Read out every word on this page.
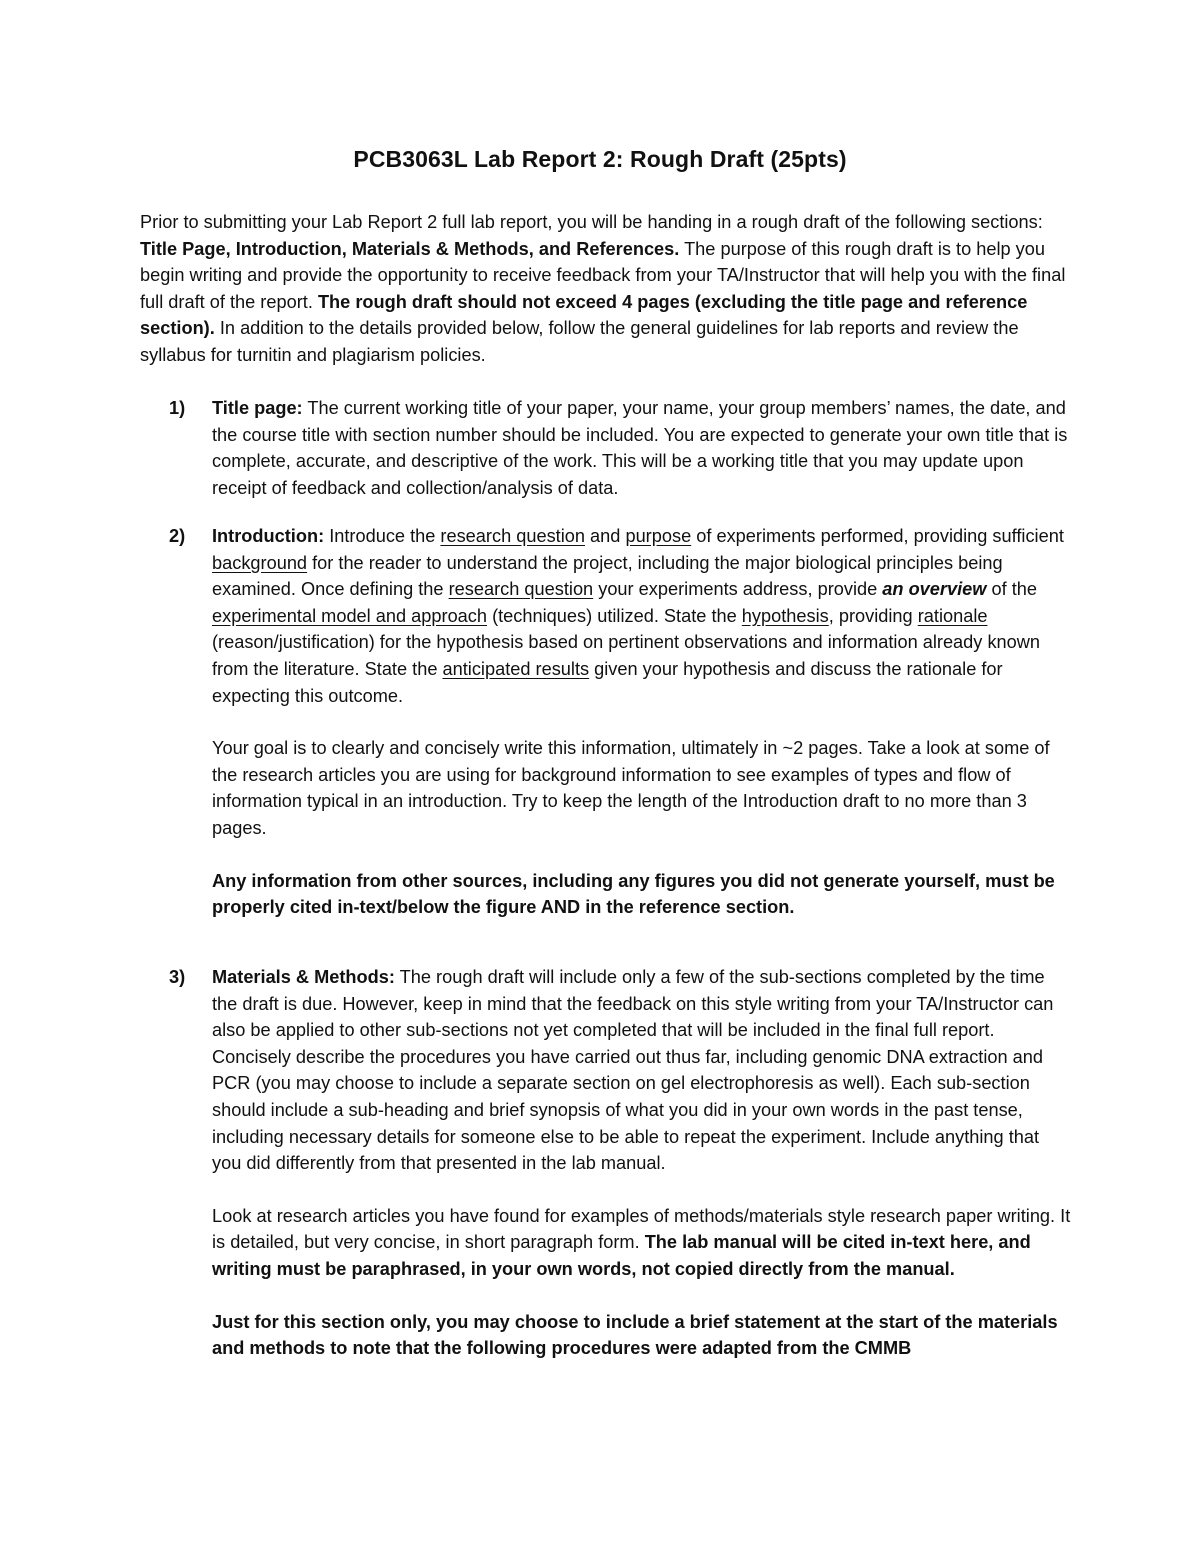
PCB3063L Lab Report 2: Rough Draft (25pts)

Prior to submitting your Lab Report 2 full lab report, you will be handing in a rough draft of the following sections: Title Page, Introduction, Materials & Methods, and References. The purpose of this rough draft is to help you begin writing and provide the opportunity to receive feedback from your TA/Instructor that will help you with the final full draft of the report. The rough draft should not exceed 4 pages (excluding the title page and reference section). In addition to the details provided below, follow the general guidelines for lab reports and review the syllabus for turnitin and plagiarism policies.

1) Title page: The current working title of your paper, your name, your group members’ names, the date, and the course title with section number should be included. You are expected to generate your own title that is complete, accurate, and descriptive of the work. This will be a working title that you may update upon receipt of feedback and collection/analysis of data.

2) Introduction: Introduce the research question and purpose of experiments performed, providing sufficient background for the reader to understand the project, including the major biological principles being examined. Once defining the research question your experiments address, provide an overview of the experimental model and approach (techniques) utilized. State the hypothesis, providing rationale (reason/justification) for the hypothesis based on pertinent observations and information already known from the literature. State the anticipated results given your hypothesis and discuss the rationale for expecting this outcome.

Your goal is to clearly and concisely write this information, ultimately in ~2 pages. Take a look at some of the research articles you are using for background information to see examples of types and flow of information typical in an introduction. Try to keep the length of the Introduction draft to no more than 3 pages.

Any information from other sources, including any figures you did not generate yourself, must be properly cited in-text/below the figure AND in the reference section.

3) Materials & Methods: The rough draft will include only a few of the sub-sections completed by the time the draft is due. However, keep in mind that the feedback on this style writing from your TA/Instructor can also be applied to other sub-sections not yet completed that will be included in the final full report. Concisely describe the procedures you have carried out thus far, including genomic DNA extraction and PCR (you may choose to include a separate section on gel electrophoresis as well). Each sub-section should include a sub-heading and brief synopsis of what you did in your own words in the past tense, including necessary details for someone else to be able to repeat the experiment. Include anything that you did differently from that presented in the lab manual.

Look at research articles you have found for examples of methods/materials style research paper writing. It is detailed, but very concise, in short paragraph form. The lab manual will be cited in-text here, and writing must be paraphrased, in your own words, not copied directly from the manual.

Just for this section only, you may choose to include a brief statement at the start of the materials and methods to note that the following procedures were adapted from the CMMB
